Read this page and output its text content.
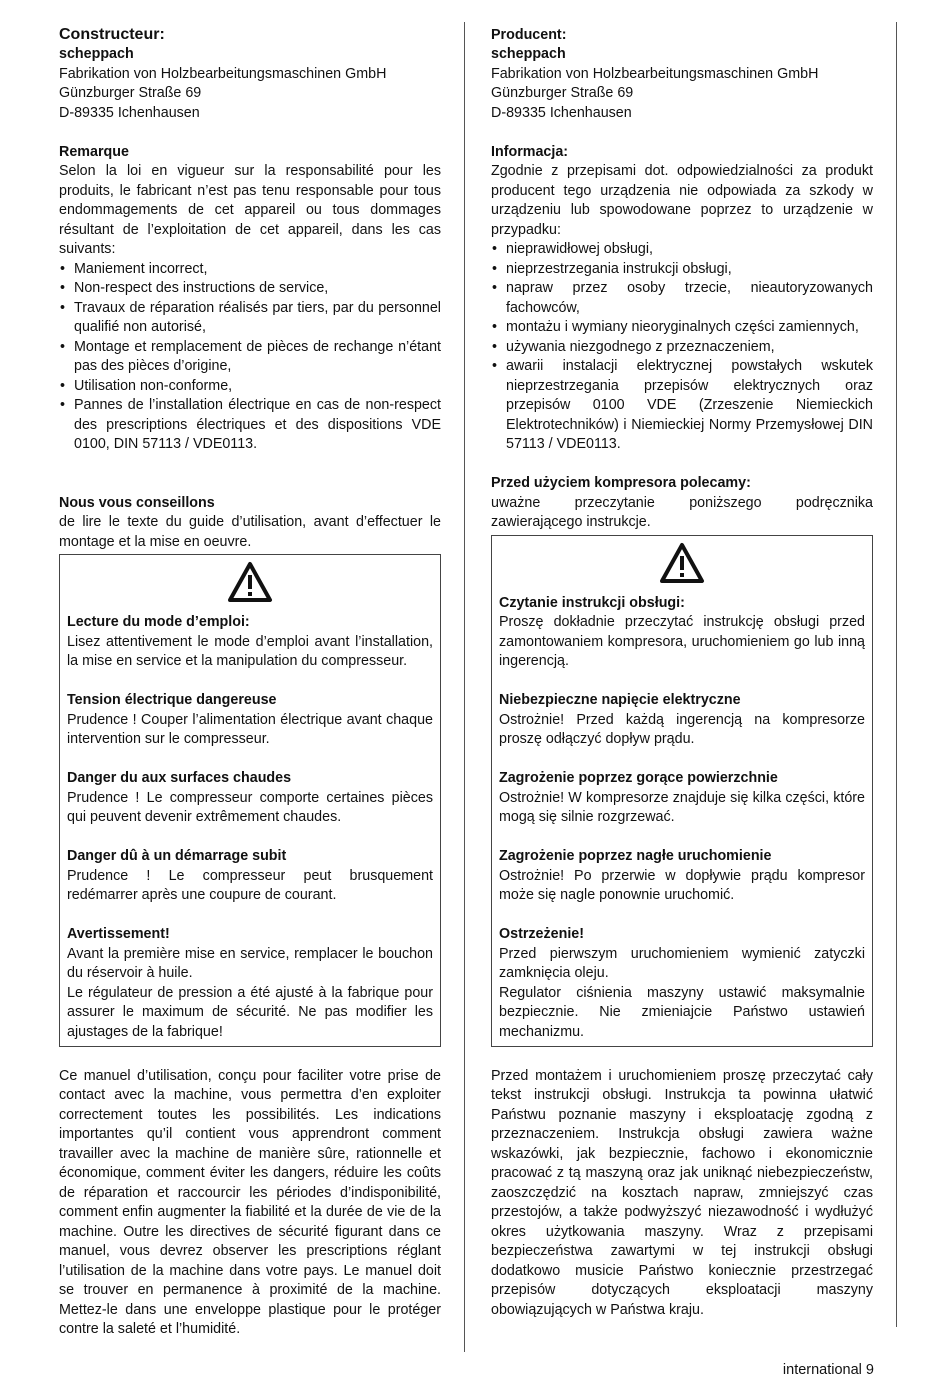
Constructeur:
scheppach
Fabrikation von Holzbearbeitungsmaschinen GmbH
Günzburger Straße 69
D-89335 Ichenhausen
Remarque

Selon la loi en vigueur sur la responsabilité pour les produits, le fabricant n’est pas tenu responsable pour tous endommagements de cet appareil ou tous dommages résultant de l’exploitation de cet appareil, dans les cas suivants:

• Maniement incorrect,
• Non-respect des instructions de service,
• Travaux de réparation réalisés par tiers, par du personnel qualifié non autorisé,
• Montage et remplacement de pièces de rechange n’étant pas des pièces d’origine,
• Utilisation non-conforme,
• Pannes de l’installation électrique en cas de non-respect des prescriptions électriques et des dispositions VDE 0100, DIN 57113 / VDE0113.
Nous vous conseillons

de lire le texte du guide d’utilisation, avant d’effectuer le montage et la mise en oeuvre.

Lecture du mode d’emploi:

Lisez attentivement le mode d’emploi avant l’installation, la mise en service et la manipulation du compresseur.

Tension électrique dangereuse

Prudence ! Couper l’alimentation électrique avant chaque intervention sur le compresseur.

Danger du aux surfaces chaudes

Prudence ! Le compresseur comporte certaines pièces qui peuvent devenir extrêmement chaudes.

Danger dû à un démarrage subit

Prudence ! Le compresseur peut brusquement redémarrer après une coupure de courant.

Avertissement!

Avant la première mise en service, remplacer le bouchon du réservoir à huile.

Le régulateur de pression a été ajusté à la fabrique pour assurer le maximum de sécurité. Ne pas modifier les ajustages de la fabrique!

Ce manuel d’utilisation, conçu pour faciliter votre prise de contact avec la machine, vous permettra d’en exploiter correctement toutes les possibilités. Les indications importantes qu’il contient vous apprendront comment travailler avec la machine de manière sûre, rationnelle et économique, comment éviter les dangers, réduire les coûts de réparation et raccourcir les périodes d’indisponibilité, comment enfin augmenter la fiabilité et la durée de vie de la machine. Outre les directives de sécurité figurant dans ce manuel, vous devrez observer les prescriptions réglant l’utilisation de la machine dans votre pays. Le manuel doit se trouver en permanence à proximité de la machine. Mettez-le dans une enveloppe plastique pour le protéger contre la saleté et l’humidité.

Producent:
scheppach
Fabrikation von Holzbearbeitungsmaschinen GmbH
Günzburger Straße 69
D-89335 Ichenhausen
Informacja:

Zgodnie z przepisami dot. odpowiedzialności za produkt producent tego urządzenia nie odpowiada za szkody w urządzeniu lub spowodowane poprzez to urządzenie w przypadku:

• nieprawidłowej obsługi,
• nieprzestrzegania instrukcji obsługi,
• napraw przez osoby trzecie, nieautoryzowanych fachowców,
• montażu i wymiany nieoryginalnych części zamiennych,
• używania niezgodnego z przeznaczeniem,
• awarii instalacji elektrycznej powstałych wskutek nieprzestrzegania przepisów elektrycznych oraz przepisów 0100 VDE (Zrzeszenie Niemieckich Elektrotechników) i Niemieckiej Normy Przemysłowej DIN 57113 / VDE0113.
Przed użyciem kompresora polecamy:

uważne przeczytanie poniższego podręcznika zawierającego instrukcje.

Czytanie instrukcji obsługi:

Proszę dokładnie przeczytać instrukcję obsługi przed zamontowaniem kompresora, uruchomieniem go lub inną ingerencją.

Niebezpieczne napięcie elektryczne

Ostrożnie! Przed każdą ingerencją na kompresorze proszę odłączyć dopływ prądu.

Zagrożenie poprzez gorące powierzchnie

Ostrożnie! W kompresorze znajduje się kilka części, które mogą się silnie rozgrzewać.

Zagrożenie poprzez nagłe uruchomienie

Ostrożnie! Po przerwie w dopływie prądu kompresor może się nagle ponownie uruchomić.

Ostrzeżenie!

Przed pierwszym uruchomieniem wymienić zatyczki zamknięcia oleju.

Regulator ciśnienia maszyny ustawić maksymalnie bezpiecznie. Nie zmieniajcie Państwo ustawień mechanizmu.

Przed montażem i uruchomieniem proszę przeczytać cały tekst instrukcji obsługi. Instrukcja ta powinna ułatwić Państwu poznanie maszyny i eksploatację zgodną z przeznaczeniem. Instrukcja obsługi zawiera ważne wskazówki, jak bezpiecznie, fachowo i ekonomicznie pracować z tą maszyną oraz jak uniknąć niebezpieczeństw, zaoszczędzić na kosztach napraw, zmniejszyć czas przestojów, a także podwyższyć niezawodność i wydłużyć okres użytkowania maszyny. Wraz z przepisami bezpieczeństwa zawartymi w tej instrukcji obsługi dodatkowo musicie Państwo koniecznie przestrzegać przepisów dotyczących eksploatacji maszyny obowiązujących w Państwa kraju.

international 9
